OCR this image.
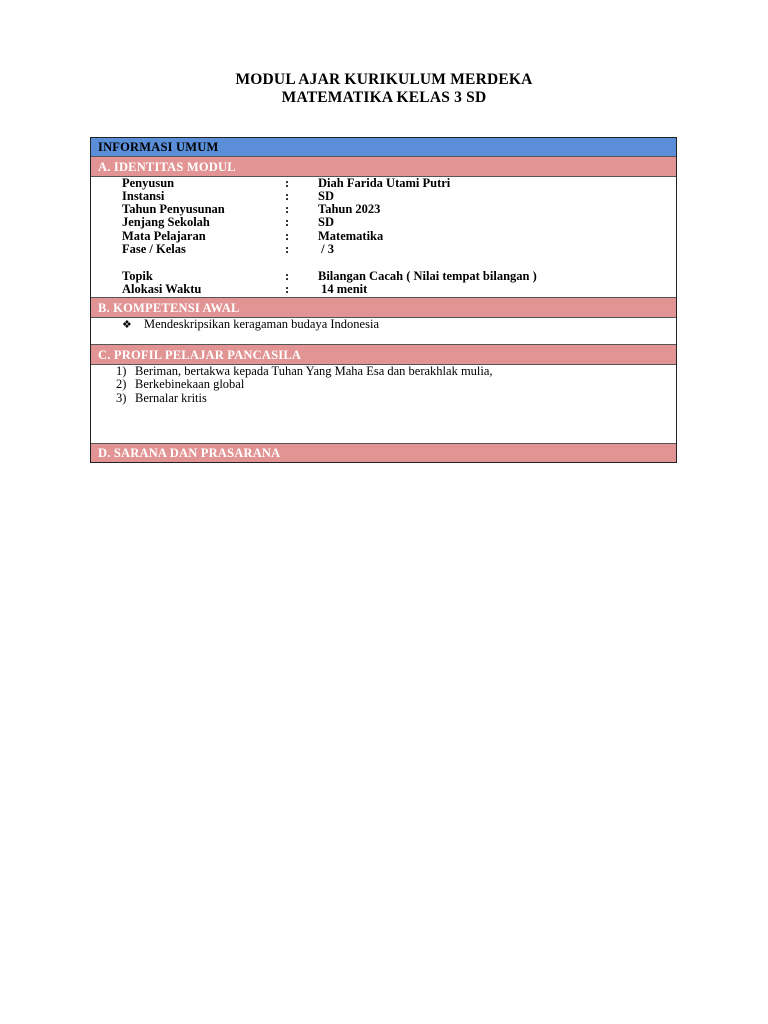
MODUL AJAR KURIKULUM MERDEKA
MATEMATIKA KELAS 3 SD
INFORMASI UMUM
A. IDENTITAS MODUL
Penyusun	: Diah Farida Utami Putri
Instansi	: SD
Tahun Penyusunan	: Tahun 2023
Jenjang Sekolah	: SD
Mata Pelajaran	: Matematika
Fase / Kelas	: / 3
Topik	: Bilangan Cacah ( Nilai tempat bilangan )
Alokasi Waktu	: 14 menit
B. KOMPETENSI AWAL
❖ Mendeskripsikan keragaman budaya Indonesia
C. PROFIL PELAJAR PANCASILA
1) Beriman, bertakwa kepada Tuhan Yang Maha Esa dan berakhlak mulia,
2) Berkebinekaan global
3) Bernalar kritis
D. SARANA DAN PRASARANA
